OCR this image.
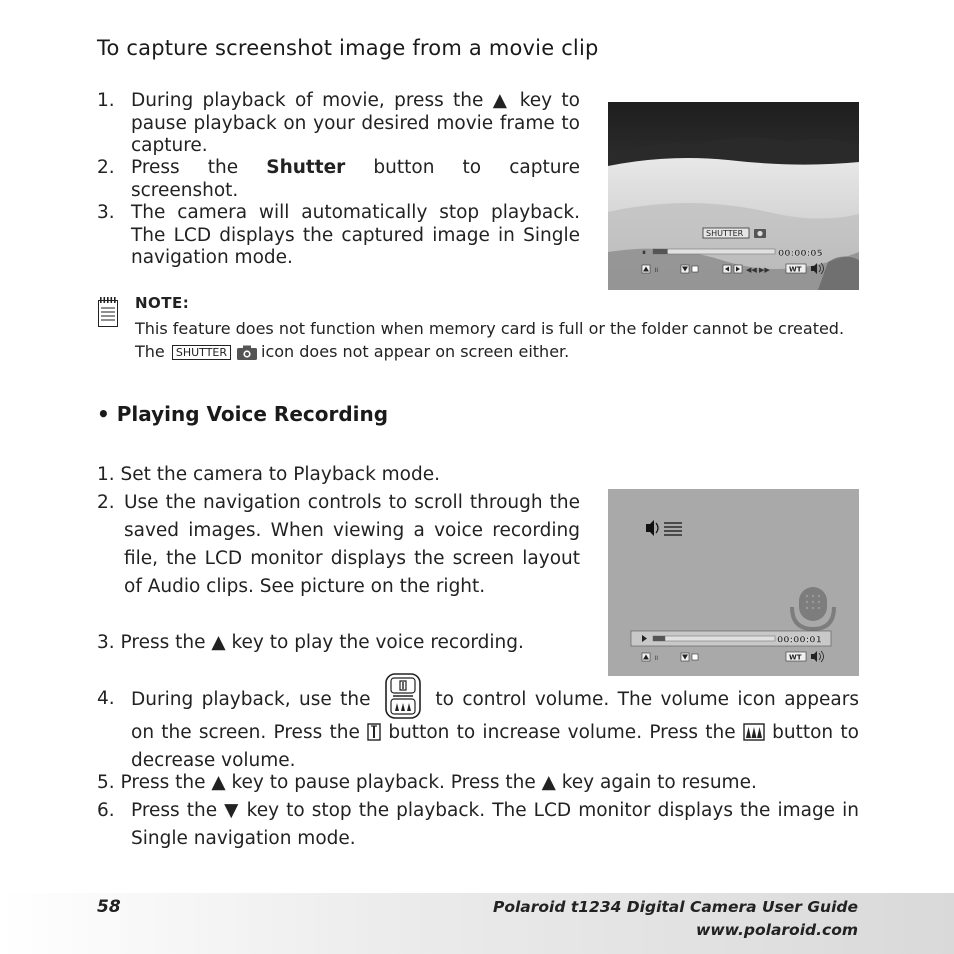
To capture screenshot image from a movie clip
1. During playback of movie, press the ▲ key to pause playback on your desired movie frame to capture.
2. Press the Shutter button to capture screenshot.
3. The camera will automatically stop playback. The LCD displays the captured image in Single navigation mode.
SHUTTER
⏸	00:00:05
॥	◀◀ ▶▶	WT
NOTE:
This feature does not function when memory card is full or the folder cannot be created. The SHUTTER icon does not appear on screen either.
• Playing Voice Recording
1. Set the camera to Playback mode.
2. Use the navigation controls to scroll through the saved images. When viewing a voice recording file, the LCD monitor displays the screen layout of Audio clips. See picture on the right.
3. Press the ▲ key to play the voice recording.	00:00:01
॥	WT
4. During playback, use the	to control volume. The volume icon appears on the screen. Press the button to increase volume. Press the button to decrease volume.
5. Press the ▲ key to pause playback. Press the ▲ key again to resume.
6. Press the ▼ key to stop the playback. The LCD monitor displays the image in Single navigation mode.
58	Polaroid t1234 Digital Camera User Guide
www.polaroid.com
